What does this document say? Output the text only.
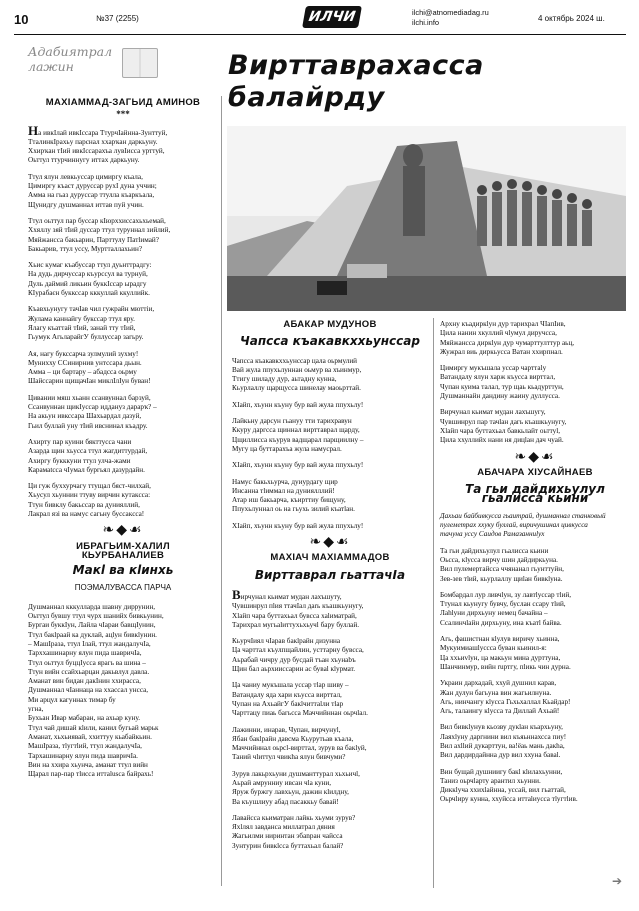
10	№37 (2255)	ИЛЧИ	ilchi@atnomediadag.ru
ilchi.info	4 октябрь 2024 ш.
Адабиятрал лажин	Вирттаврахасса балайрду
МАХІАММАД-ЗАГЬИД АМИНОВ
***

На ивкІлай ивкІссара ТтурчІайнна-Зунттуй,
ТталинкІрахьу парснал ххарҡан даркьуну.
Ххирҡан тІий ивкІссарахъа лувІисса урттуй,
Оьттул ттурчиннугу иттах даркьуну.

Ттул ялун левкьуссар цимиргу къала,
Цимиргу къаст дуруссар рухІ дуна уччин;
Амма на гьаз дуруссар ттулла къаркъала,
Щунидгу душманнал иттав пуй учин.

Ттул оьттул пар буссар кІюрххиссахьхьемай,
Ххяллу зяй тІий дуссар ттул туруннал зийлий,
Мяйжансса бакьарин, Парттулу Патlимай?
Бакьарив, ттул усcу, Муртталлахьин?

Хьис кумаг къабуссар ттул дуьнттрадгу:
На дудь дирчуссар къурссул ва турнуй,
Дуль даймий ликьин буккІссар ырадгу
КІурабаєн буккссар кккуллай ккуллийк.

Къавхьунугу тачІав чил гужрайн мюттіи,
Жуламa каннайгу букссар ттул яру.
Ялагу къаттай тІий, занай тту тІий,
Гьумук АгьларайгУ буллуссар загьру.

Ая, нагу букссарча зулмулий зухму!
Мунихху ССинирнив унтссара дьын.
Амма – ци бартару – абадсса оьрму
Шайссарин щищачІан миклІлІун буван!

Цивании мяш хьанн ссанвуннал барзуй,
Ссанвуннан щикІуссар иддануз дарарҡ? –
На акьун ивкссара Шахьардал дазуй,
Гьил буллай уну тІий ивснинал къадру.

Ахирту пар куини бякттуcса чани
Азарда щин хьусса ттул жагдиттурдай,
Ахиргу букккуни ттул улча-жами
Карамаtсса чІумал бургьял дазурдайн.

Ци гуж буххурчагу ттущал бяст-чилхай,
Хьусул хьуннин ттуву вирчин кутакcса:
Ттун бивклу бакьссар ва дунияллий,
Лакрал язі ва намус сагьну буссакccа!

❧◆☙
ИБРАГЬИМ-ХАЛИЛ КЬУРБАНАЛИЕВ
Макl ва кlинхь
ПОЭМАЛУВАССА ПАРЧА

Душманнал кккулларда шавну диррунин,
Оьттул бувшу ттул чурх шанийх бивкьунин,
Бургаи буккІун, Лайла чІараи бавщІунин,
Ттул бакlраай ка дуклай, ацlун бивкlунин.
– МашІраза, ттул Ілай, ттул жандалучІа,
Тарххашинарну ялун пида шавричІа,
Ттул оьттул буццІусса ярагь ва шина –
Ттун вийн ссайхьарцан дакьвлул давла.
Аманат вин бидан дакІнин ххирасса,
Душманнал чІаннаца на ххассал унсса,
Ми арцул кагуннах тимар бу
угна,
Бухьан Ивар мабаран, на ахьар куну.
Ттул чай дишай кlили, канил бугьай марьк
Аманат, хьхьиявай, ххиттуу кьабайкьин.
МашІраза, тlугтlий, ттул жандалучІа,
Тархашинарну ялун пида шавричІа.
Вин на ххира хьунча, аманат ттул вийн
Щарал пар-пар тlисса иттаlusса байрахь!

АБАКАР МУДУНОВ
Чапсса къакавкххьунссар

Чапсса къакавкххьунссар цала оьрмулий
Вай жула ппухьлуннан оьмур ва хъинмур,
Ттигу шиладу дур, аьтадну кунна,
Кьурлаллу щарщусса шинелау маоьрттай.

ХІайп, хъунн къуну бур вай жула ппухьлу!

Лайкьну дарсун гьануу тти тарихравун
Ккуру даргсса щиннал вирттавpал щарду,
Цщиллисса къурув вадщарал парщиилну –
Мугу ца буттарахъа жула намусрал.

ХІайп, хъунн къуну бур вай жула ппухьлу!

Намус бакьхьурча, дуиурдагу щир
Инсанна тlиммал на дуниялллий!
Атар иш бакьарча, къирттиу бищуну,
Ппухьлуннал оь на гьухь зилий къатlан.

ХІайп, хъунн къуну бур вай жула ппухьлу!

❧◆☙
МАХІАЧ МАХІАММАДОВ
Вирттаврал гьаттачІа

Вирчунал кьимат мудан лахъшуту,
Чувшинрул пlия ттачІал даrь къашкьунугу,
Хlайп чара буттахьал бувсса хаlиматрай,
Тарихрал мугьаlиттухьхьучl бару буллай.

КьурчІиял чІарав бакlрайн дизунна
Ца чарттал къулпщайлин, усттарну бувсса,
Аьрабай чичру дур бусдай тъан хъунаbъ
Щин бал аьрхииссарин ас буваl кlурмат.

Ца чаниу мукъшала уссар тlар шиву –
Ватандалу яда хари къусса вирттал,
Чупан на АхьайгУ бакlчиттаlли тlар
Чарттацу пиаь багьсса Маччийннан оьрчlал.

Лажинни, инарав, Чупан, вирчунуl,
Ябан бакlрайн давсма Кьурутьав къала,
Маччийннал оьрсl-вирттал, зурув ва бакlуй,
Таний чlиттул чвикhа ялун бивчуми?

Зурув лакьрхьуни душманттурал хьхьичl,
Аьрай амрунниу ивсан чlа куни,
Яруж буржгу лавхьун, дажин кlилдну,
Ва къушлиуу абад пасаккьу бавай!

Лавайсса кьиматран лайкь хьуми зурув?
Яхlлял завданса миллатрал дяния
Жагьилми ниринтан эбаnран чайсса
Зунтурин бивкlсса буттахьал балай?

Архну къадиркlун дур тарихрал ЧІапІив,
Цила нанин хкуллий чlумул диручсса,
Мяйжансса диркlун дур чумарттулттур аьц,
Жужрал виь диркьусса Ватан ххирпнал.

Цимиргу мукъшала уссар чарттаlу
Ватандалу ялун харж къусса вирттал,
Чупан куима талал, тур щаь кьадурттун,
Душманнайн дандину жаину дуллусса.

Вирчунал кьимат мудан лахъшугу,
Чувшинрул пар тачlан дагь къашкьунугу,
Хlайп чара буттахьал бавкьлайт оьттуl,
Цила ххуллийх нани ня дицlан дач чуай.

❧◆☙
АБАЧАРА ХІУСАЙНАЕВ
Та гьи дайдихьулул гьалисса кьини

Дахьаи байбивкусса гьаитрай, душманнал станковый пулеметрах ххуку буллай, виричушинал цивкусса
тачуна усcу Саидов Рамазанниlух

Та гьи дайдихьулул гьалисса кьини
Оьсса, кlусса вирчу шин дайдиркьуна.
Вил пулемертайсса ччянанал гьунттуйн,
Зев-зев тlий, кьурлаллу щиlaн бивкlуна.

Бомбардал лур ливчlун, зу лавтlуссар тlий,
Ттунал кьунугу бувчу, буслан ссару тlий,
Лаhlуни дирхьуну немец бачайна –
Ссалинчlайн дирхьуну, ина къатl байва.

Агь, фашистнан кlулув виричу хьинна,
Мукуимиашlуссса буван кьинил-я:
Ца ххьиvlун, ца макьун мина дурттуна,
Шанчинмур, вийн ruртгу, пlикь чин дурнa.

Украин дархадай, ххуй душнил карав,
Жан дулун багьуна вин жагьилнуна.
Агь, нинчангу кlусса Гьхьхаллал Кьайдар!
Агь, талаингу кlусса та Диллай Ахьай!

Вил бивкlунув кьозву дукlан къархьуну,
Лаяхlуну даргнини вил къяьннахсса пиу!
Вил ахllий дукарттун, ва!ёаь мань дакhа,
Вил дардирдайнна дур вил ххуна баваl.

Вин бущай душниигу бакl кlилахьунни,
Таниз оьрчlарту арантил хьунни.
Диккlуча ххихlайнна, уссай, вил гьаттай,
Оьрчlиру куннa, ххуйсса иттаlиусса тlугтlив.

➔
